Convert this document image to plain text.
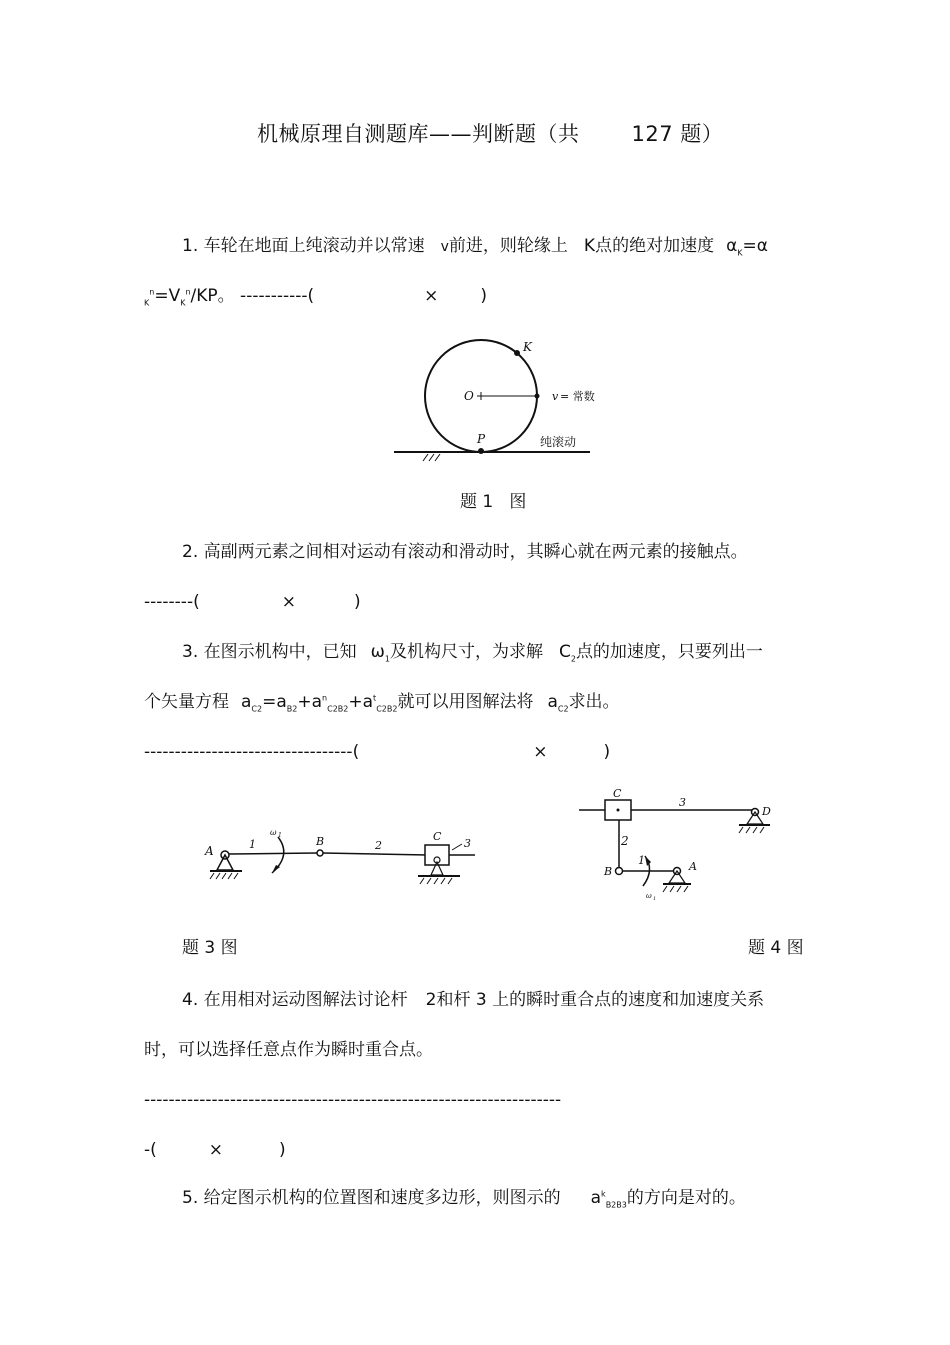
机械原理自测题库——判断题（共 127 题）
1. 车轮在地面上纯滚动并以常速 v前进，则轮缘上 K点的绝对加速度 $\alpha_K=\alpha$
$_K^n=V_K^n/KP$。 -----------(	× )
K
O
P
v = 常数
纯滚动
题 1   图
2. 高副两元素之间相对运动有滚动和滑动时，其瞬心就在两元素的接触点。
--------(	×	)
3. 在图示机构中，已知 $\omega_1$及机构尺寸，为求解 $C_2$点的加速度，只要列出一
个矢量方程 $a_{C2}=a_{B2}+a^n_{C2B2}+a^t_{C2B2}$就可以用图解法将 $a_{C2}$求出。
----------------------------------(	×	)
A	1
ω 1	B	2
C
3
C
3
D
2
B
1	A
ω 1
题 3 图	题 4 图
4. 在用相对运动图解法讨论杆 2和杆 3 上的瞬时重合点的速度和加速度关系
时，可以选择任意点作为瞬时重合点。
--------------------------------------------------------------------
-(	×	)
5. 给定图示机构的位置图和速度多边形，则图示的 $a^k_{B2B3}$的方向是对的。
